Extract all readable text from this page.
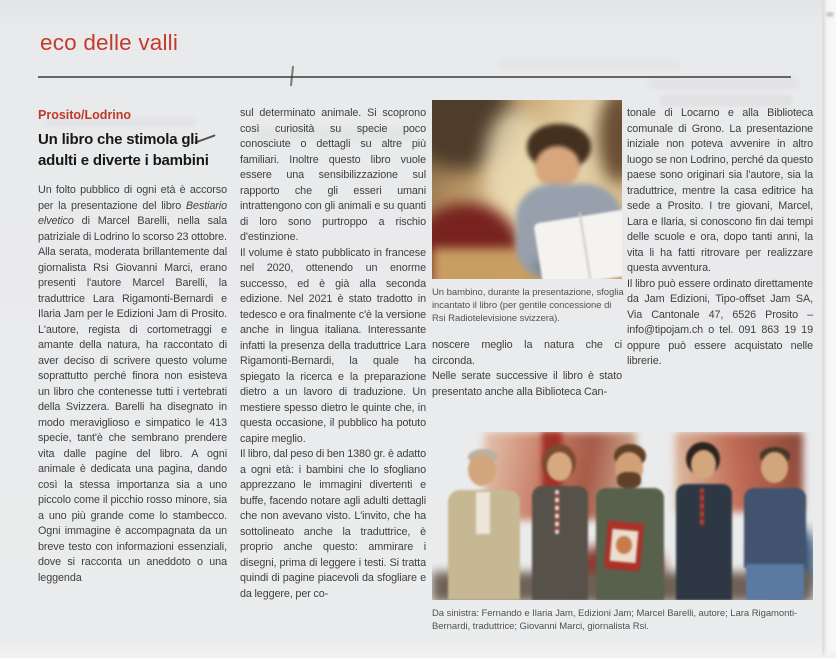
eco delle valli
Prosito/Lodrino
Un libro che stimola gli
adulti e diverte i bambini

Un folto pubblico di ogni età è accorso per la presentazione del libro Bestiario elvetico di Marcel Barelli, nella sala patriziale di Lodrino lo scorso 23 ottobre.

Alla serata, moderata brillantemente dal giornalista Rsi Giovanni Marci, erano presenti l'autore Marcel Barelli, la traduttrice Lara Rigamonti-Bernardi e Ilaria Jam per le Edizioni Jam di Prosito. L'autore, regista di cortometraggi e amante della natura, ha raccontato di aver deciso di scrivere questo volume soprattutto perché finora non esisteva un libro che contenesse tutti i vertebrati della Svizzera. Barelli ha disegnato in modo meraviglioso e simpatico le 413 specie, tant'è che sembrano prendere vita dalle pagine del libro. A ogni animale è dedicata una pagina, dando così la stessa importanza sia a uno piccolo come il picchio rosso minore, sia a uno più grande come lo stambecco. Ogni immagine è accompagnata da un breve testo con informazioni essenziali, dove si racconta un aneddoto o una leggenda

sul determinato animale. Si scoprono così curiosità su specie poco conosciute o dettagli su altre più familiari. Inoltre questo libro vuole essere una sensibilizzazione sul rapporto che gli esseri umani intrattengono con gli animali e su quanti di loro sono purtroppo a rischio d'estinzione.

Il volume è stato pubblicato in francese nel 2020, ottenendo un enorme successo, ed è già alla seconda edizione. Nel 2021 è stato tradotto in tedesco e ora finalmente c'è la versione anche in lingua italiana. Interessante infatti la presenza della traduttrice Lara Rigamonti-Bernardi, la quale ha spiegato la ricerca e la preparazione dietro a un lavoro di traduzione. Un mestiere spesso dietro le quinte che, in questa occasione, il pubblico ha potuto capire meglio.

Il libro, dal peso di ben 1380 gr. è adatto a ogni età: i bambini che lo sfogliano apprezzano le immagini divertenti e buffe, facendo notare agli adulti dettagli che non avevano visto. L'invito, che ha sottolineato anche la traduttrice, è proprio anche questo: ammirare i disegni, prima di leggere i testi. Si tratta quindi di pagine piacevoli da sfogliare e da leggere, per co-

Un bambino, durante la presentazione, sfoglia incantato il libro (per gentile concessione di Rsi Radiotelevisione svizzera).

noscere meglio la natura che ci circonda.

Nelle serate successive il libro è stato presentato anche alla Biblioteca Can-

tonale di Locarno e alla Biblioteca comunale di Grono. La presentazione iniziale non poteva avvenire in altro luogo se non Lodrino, perché da questo paese sono originari sia l'autore, sia la traduttrice, mentre la casa editrice ha sede a Prosito. I tre giovani, Marcel, Lara e Ilaria, si conoscono fin dai tempi delle scuole e ora, dopo tanti anni, la vita li ha fatti ritrovare per realizzare questa avventura.

Il libro può essere ordinato direttamente da Jam Edizioni, Tipo-offset Jam SA, Via Cantonale 47, 6526 Prosito – info@tipojam.ch o tel. 091 863 19 19 oppure può essere acquistato nelle librerie.

Da sinistra: Fernando e Ilaria Jam, Edizioni Jam; Marcel Barelli, autore; Lara Rigamonti-Bernardi, traduttrice; Giovanni Marci, giornalista Rsi.
